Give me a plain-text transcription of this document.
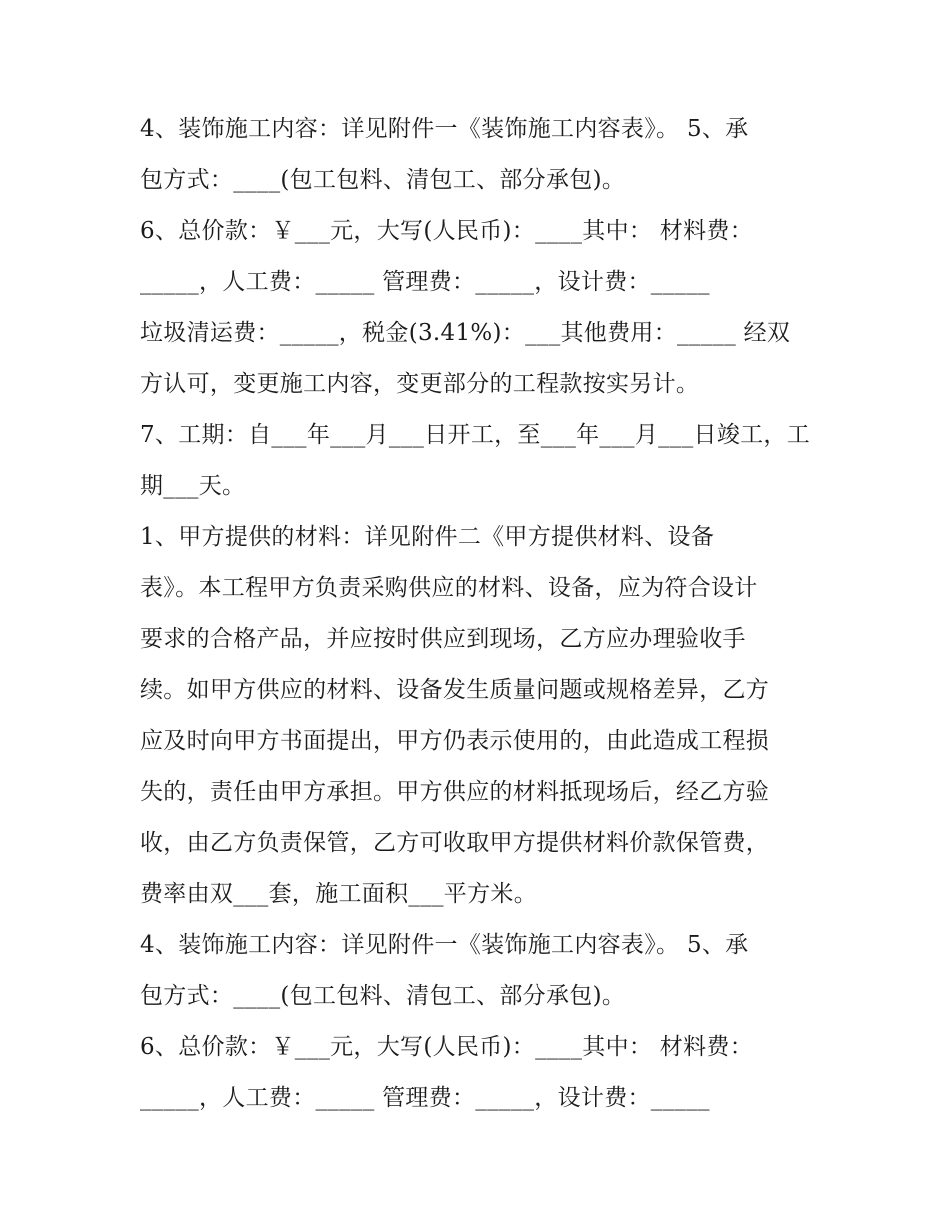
4、装饰施工内容：详见附件一《装饰施工内容表》。 5、承
包方式：____(包工包料、清包工、部分承包)。
6、总价款：￥___元，大写(人民币)：____其中： 材料费：
_____，人工费：_____ 管理费：_____，设计费：_____
垃圾清运费：_____，税金(3.41%)：___其他费用：_____ 经双
方认可，变更施工内容，变更部分的工程款按实另计。
7、工期：自___年___月___日开工，至___年___月___日竣工，工
期___天。
1、甲方提供的材料：详见附件二《甲方提供材料、设备
表》。本工程甲方负责采购供应的材料、设备，应为符合设计
要求的合格产品，并应按时供应到现场，乙方应办理验收手
续。如甲方供应的材料、设备发生质量问题或规格差异，乙方
应及时向甲方书面提出，甲方仍表示使用的，由此造成工程损
失的，责任由甲方承担。甲方供应的材料抵现场后，经乙方验
收，由乙方负责保管，乙方可收取甲方提供材料价款保管费，
费率由双___套，施工面积___平方米。
4、装饰施工内容：详见附件一《装饰施工内容表》。 5、承
包方式：____(包工包料、清包工、部分承包)。
6、总价款：￥___元，大写(人民币)：____其中： 材料费：
_____，人工费：_____ 管理费：_____，设计费：_____
